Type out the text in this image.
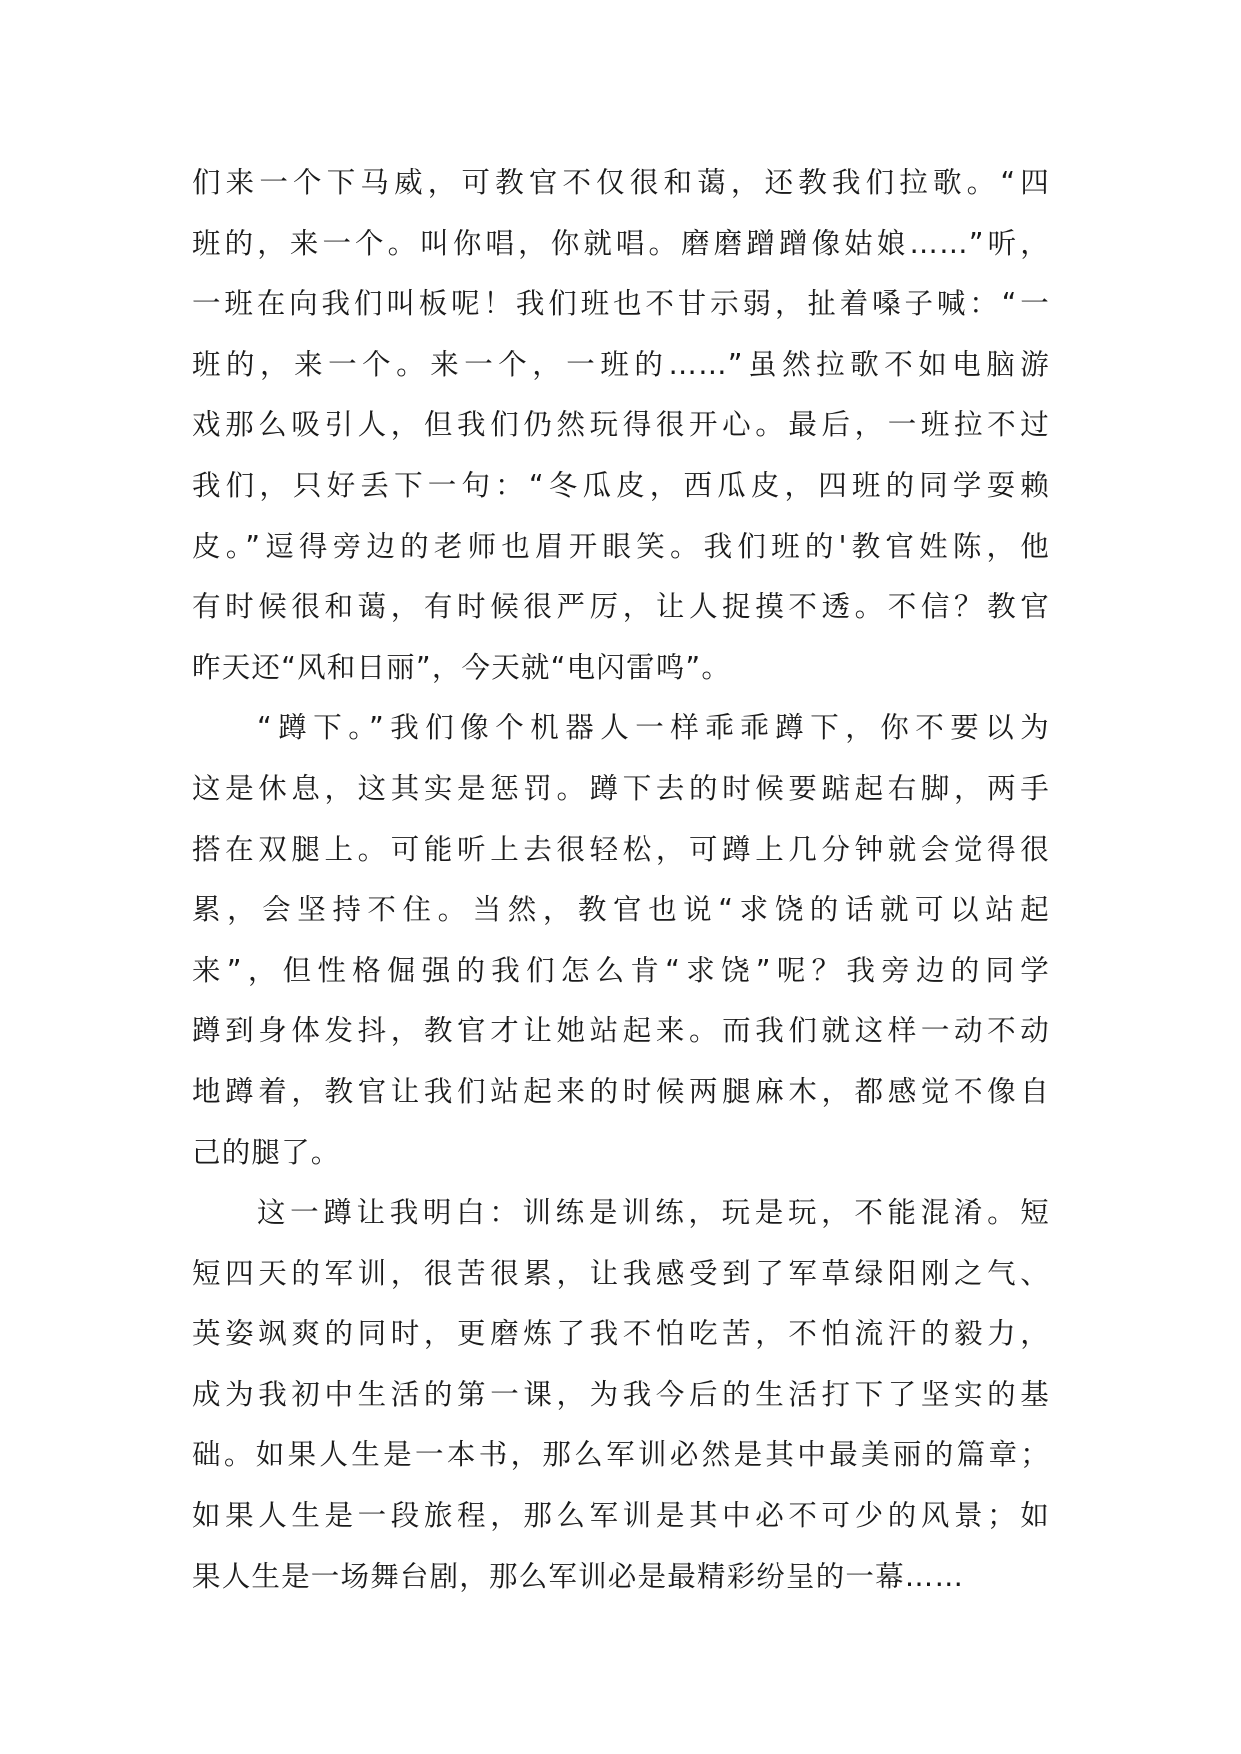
们来一个下马威，可教官不仅很和蔼，还教我们拉歌。“四
班的，来一个。叫你唱，你就唱。磨磨蹭蹭像姑娘……”听，
一班在向我们叫板呢！我们班也不甘示弱，扯着嗓子喊：“一
班的，来一个。来一个，一班的……”虽然拉歌不如电脑游
戏那么吸引人，但我们仍然玩得很开心。最后，一班拉不过
我们，只好丢下一句：“冬瓜皮，西瓜皮，四班的同学耍赖
皮。”逗得旁边的老师也眉开眼笑。我们班的'教官姓陈，他
有时候很和蔼，有时候很严厉，让人捉摸不透。不信？教官
昨天还“风和日丽”，今天就“电闪雷鸣”。
“蹲下。”我们像个机器人一样乖乖蹲下，你不要以为
这是休息，这其实是惩罚。蹲下去的时候要踮起右脚，两手
搭在双腿上。可能听上去很轻松，可蹲上几分钟就会觉得很
累，会坚持不住。当然，教官也说“求饶的话就可以站起
来”，但性格倔强的我们怎么肯“求饶”呢？我旁边的同学
蹲到身体发抖，教官才让她站起来。而我们就这样一动不动
地蹲着，教官让我们站起来的时候两腿麻木，都感觉不像自
己的腿了。
这一蹲让我明白：训练是训练，玩是玩，不能混淆。短
短四天的军训，很苦很累，让我感受到了军草绿阳刚之气、
英姿飒爽的同时，更磨炼了我不怕吃苦，不怕流汗的毅力，
成为我初中生活的第一课，为我今后的生活打下了坚实的基
础。如果人生是一本书，那么军训必然是其中最美丽的篇章；
如果人生是一段旅程，那么军训是其中必不可少的风景；如
果人生是一场舞台剧，那么军训必是最精彩纷呈的一幕……
